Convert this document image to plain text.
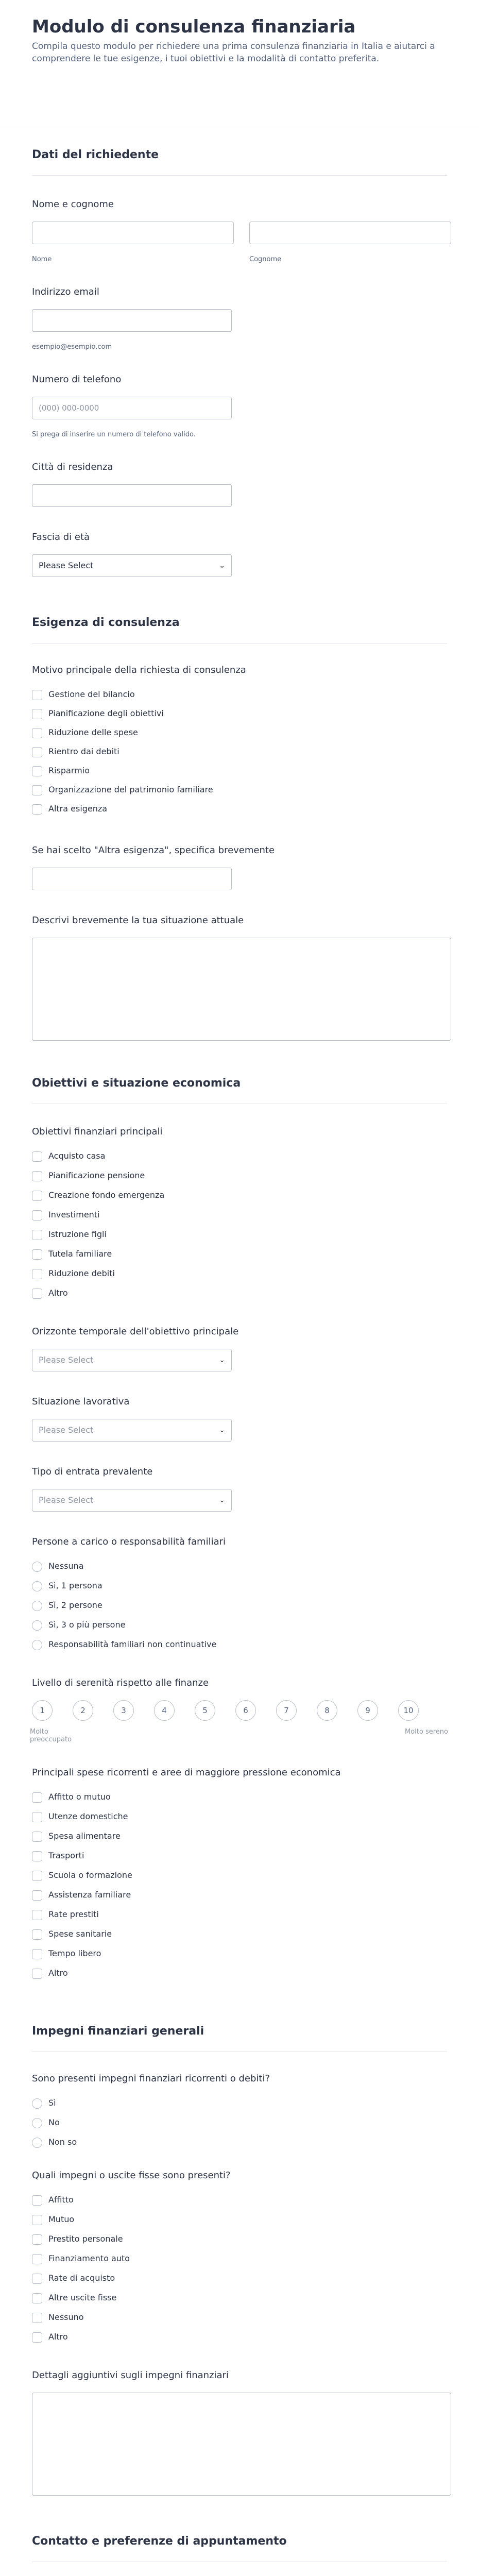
Modulo di consulenza finanziaria
Compila questo modulo per richiedere una prima consulenza finanziaria in Italia e aiutarci a comprendere le tue esigenze, i tuoi obiettivi e la modalità di contatto preferita.
Dati del richiedente
Nome e cognome
Nome	Cognome
Indirizzo email
esempio@esempio.com
Numero di telefono
(000) 000-0000
Si prega di inserire un numero di telefono valido.
Città di residenza
Fascia di età
Please Select	⌄
Esigenza di consulenza
Motivo principale della richiesta di consulenza
Gestione del bilancio
Pianificazione degli obiettivi
Riduzione delle spese
Rientro dai debiti
Risparmio
Organizzazione del patrimonio familiare
Altra esigenza
Se hai scelto "Altra esigenza", specifica brevemente
Descrivi brevemente la tua situazione attuale
Obiettivi e situazione economica
Obiettivi finanziari principali
Acquisto casa
Pianificazione pensione
Creazione fondo emergenza
Investimenti
Istruzione figli
Tutela familiare
Riduzione debiti
Altro
Orizzonte temporale dell'obiettivo principale
Please Select	⌄
Situazione lavorativa
Please Select	⌄
Tipo di entrata prevalente
Please Select	⌄
Persone a carico o responsabilità familiari
Nessuna
Sì, 1 persona
Sì, 2 persone
Sì, 3 o più persone
Responsabilità familiari non continuative
Livello di serenità rispetto alle finanze
1	2	3	4	5	6	7	8	9	10
Molto preoccupato
Molto sereno
Principali spese ricorrenti e aree di maggiore pressione economica
Affitto o mutuo
Utenze domestiche
Spesa alimentare
Trasporti
Scuola o formazione
Assistenza familiare
Rate prestiti
Spese sanitarie
Tempo libero
Altro
Impegni finanziari generali
Sono presenti impegni finanziari ricorrenti o debiti?
Sì
No
Non so
Quali impegni o uscite fisse sono presenti?
Affitto
Mutuo
Prestito personale
Finanziamento auto
Rate di acquisto
Altre uscite fisse
Nessuno
Altro
Dettagli aggiuntivi sugli impegni finanziari
Contatto e preferenze di appuntamento
